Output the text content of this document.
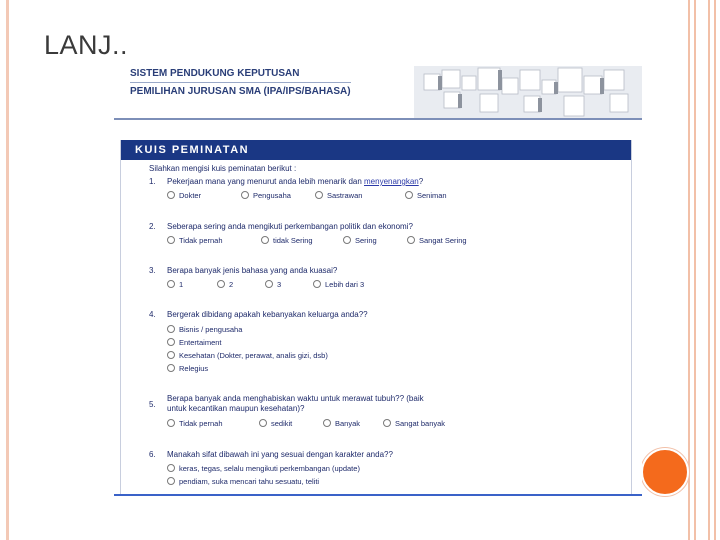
LANJ..
SISTEM PENDUKUNG KEPUTUSAN
PEMILIHAN JURUSAN SMA (IPA/IPS/BAHASA)
KUIS PEMINATAN
Silahkan mengisi kuis peminatan berikut :
1.	Pekerjaan mana yang menurut anda lebih menarik dan menyenangkan?
Dokter	Pengusaha	Sastrawan	Seniman
2.	Seberapa sering anda mengikuti perkembangan politik dan ekonomi?
Tidak pernah	tidak Sering	Sering	Sangat Sering
3.	Berapa banyak jenis bahasa yang anda kuasai?
1	2	3	Lebih dari 3
4.	Bergerak dibidang apakah kebanyakan keluarga anda??
Bisnis / pengusaha
Entertaiment
Kesehatan (Dokter, perawat, analis gizi, dsb)
Relegius
5.
Berapa banyak anda menghabiskan waktu untuk merawat tubuh?? (baik untuk kecantikan maupun kesehatan)?
Tidak pernah	sedikit	Banyak	Sangat banyak
6.	Manakah sifat dibawah ini yang sesuai dengan karakter anda??
keras, tegas, selalu mengikuti perkembangan (update)
pendiam, suka mencari tahu sesuatu, teliti
